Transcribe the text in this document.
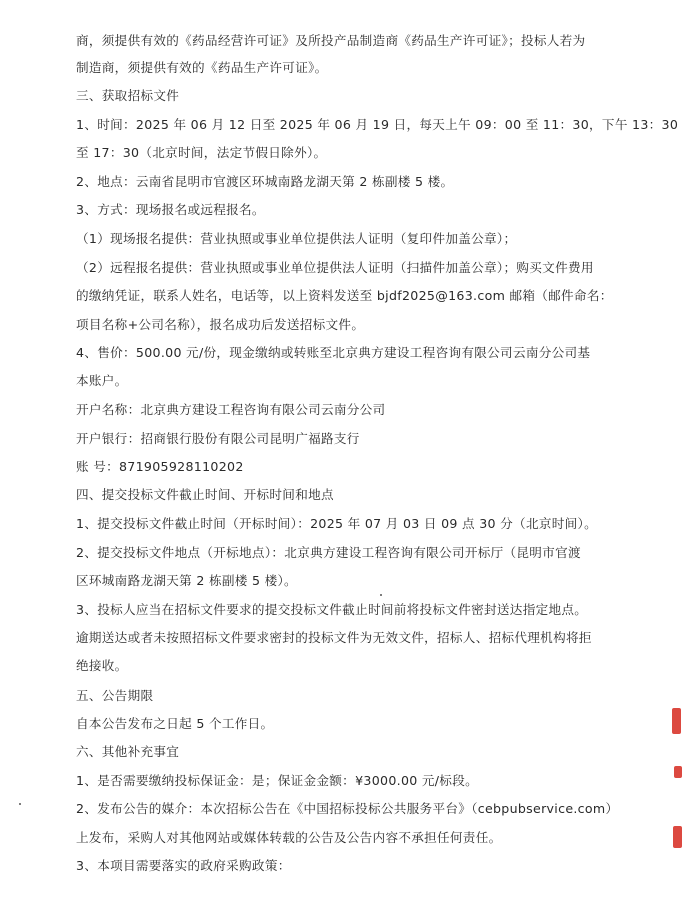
商，须提供有效的《药品经营许可证》及所投产品制造商《药品生产许可证》；投标人若为
制造商，须提供有效的《药品生产许可证》。
三、获取招标文件
1、时间：2025 年 06 月 12 日至 2025 年 06 月 19 日，每天上午 09：00 至 11：30，下午 13：30
至 17：30（北京时间，法定节假日除外）。
2、地点：云南省昆明市官渡区环城南路龙湖天第 2 栋副楼 5 楼。
3、方式：现场报名或远程报名。
（1）现场报名提供：营业执照或事业单位提供法人证明（复印件加盖公章）；
（2）远程报名提供：营业执照或事业单位提供法人证明（扫描件加盖公章）；购买文件费用
的缴纳凭证，联系人姓名，电话等，以上资料发送至 bjdf2025@163.com 邮箱（邮件命名：
项目名称+公司名称），报名成功后发送招标文件。
4、售价：500.00 元/份，现金缴纳或转账至北京典方建设工程咨询有限公司云南分公司基
本账户。
开户名称：北京典方建设工程咨询有限公司云南分公司
开户银行：招商银行股份有限公司昆明广福路支行
账 号：871905928110202
四、提交投标文件截止时间、开标时间和地点
1、提交投标文件截止时间（开标时间）：2025 年 07 月 03 日 09 点 30 分（北京时间）。
2、提交投标文件地点（开标地点）：北京典方建设工程咨询有限公司开标厅（昆明市官渡
区环城南路龙湖天第 2 栋副楼 5 楼）。
3、投标人应当在招标文件要求的提交投标文件截止时间前将投标文件密封送达指定地点。
逾期送达或者未按照招标文件要求密封的投标文件为无效文件，招标人、招标代理机构将拒
绝接收。
五、公告期限
自本公告发布之日起 5 个工作日。
六、其他补充事宜
1、是否需要缴纳投标保证金：是；保证金金额：¥3000.00 元/标段。
2、发布公告的媒介：本次招标公告在《中国招标投标公共服务平台》（cebpubservice.com）
上发布，采购人对其他网站或媒体转载的公告及公告内容不承担任何责任。
3、本项目需要落实的政府采购政策：
